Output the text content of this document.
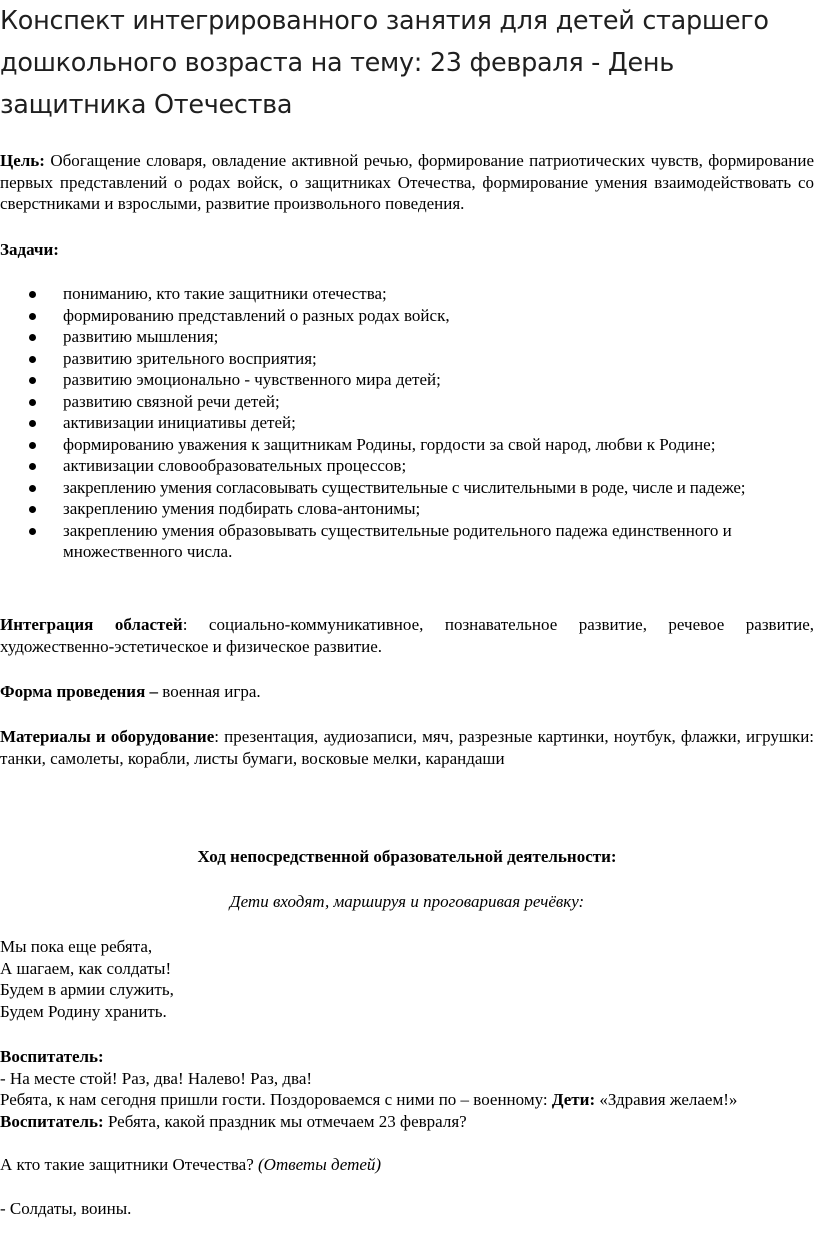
Конспект интегрированного занятия для детей старшего дошкольного возраста на тему: 23 февраля - День защитника Отечества

Цель: Обогащение словаря, овладение активной речью, формирование патриотических чувств, формирование первых представлений о родах войск, о защитниках Отечества, формирование умения взаимодействовать со сверстниками и взрослыми, развитие произвольного поведения.

Задачи:

пониманию, кто такие защитники отечества;
формированию представлений о разных родах войск,
развитию мышления;
развитию зрительного восприятия;
развитию эмоционально - чувственного мира детей;
развитию связной речи детей;
активизации инициативы детей;
формированию уважения к защитникам Родины, гордости за свой народ, любви к Родине;
активизации словообразовательных процессов;
закреплению умения согласовывать существительные с числительными в роде, числе и падеже;
закреплению умения подбирать слова-антонимы;
закреплению умения образовывать существительные родительного падежа единственного и множественного числа.

Интеграция областей: социально-коммуникативное, познавательное развитие, речевое развитие, художественно-эстетическое и физическое развитие.

Форма проведения – военная игра.

Материалы и оборудование: презентация, аудиозаписи, мяч, разрезные картинки, ноутбук, флажки, игрушки: танки, самолеты, корабли, листы бумаги, восковые мелки, карандаши

Ход непосредственной образовательной деятельности:

Дети входят, маршируя и проговаривая речёвку:

Мы пока еще ребята,
А шагаем, как солдаты!
Будем в армии служить,
Будем Родину хранить.

Воспитатель:
- На месте стой! Раз, два! Налево! Раз, два!
Ребята, к нам сегодня пришли гости. Поздороваемся с ними по – военному: Дети: «Здравия желаем!»
Воспитатель: Ребята, какой праздник мы отмечаем 23 февраля?

А кто такие защитники Отечества? (Ответы детей)

- Солдаты, воины.
